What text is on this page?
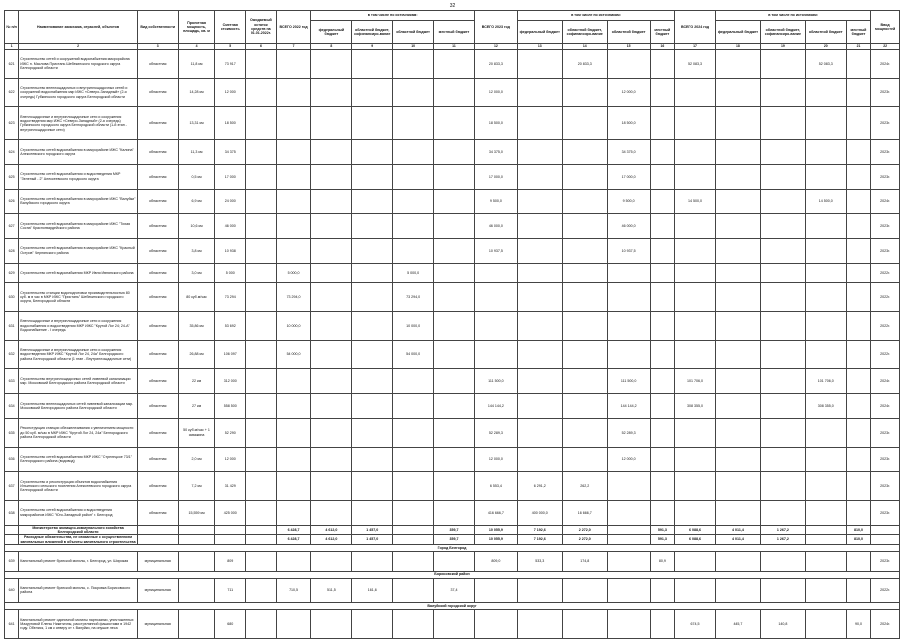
32
№ п/п	Наименование заказчика, отраслей, объектов	Вид собственности	Проектная мощность, площадь, кв. м	Сметная стоимость	Ожидаемый остаток средств на 01.01.2022г.	ВСЕГО 2022 год	в том числе по источникам:				ВСЕГО 2023 год	в том числе по источникам:				ВСЕГО 2024 год	в том числе по источникам:				Ввод мощностей
							федеральный бюджет	областной бюджет, софинансиро-вание	областной бюджет	местный бюджет		федеральный бюджет	областной бюджет, софинансиро-вание	областной бюджет	местный бюджет		федеральный бюджет	областной бюджет, софинансиро-вание	областной бюджет	местный бюджет	
1	2	3	4	5	6	7	8	9	10	11	12	13	14	15	16	17	18	19	20	21	22
621	Строительство сетей и сооружений водоснабжения микрорайона ИЖС п. Маслова Пристань Шебекинского городского округа Белгородской области	областная	11,8 км	73 917							20 833,3		20 833,3			52 083,3			52 083,3		2024г.
622	Строительство внеплощадочных и внутриплощадочных сетей и сооружений водоснабжения мкр ИЖС «Северо-Западный» (2-я очередь) Губкинского городского округа Белгородской области	областная	14,28 км	12 000							12 000,0			12 000,0							2023г.
623	Внеплощадочные и внутриплощадочные сети и сооружения водоотведения мкр ИЖС «Северо-Западный» (2-я очередь) Губкинского городского округа Белгородской области (1-й этап - внутриплощадочные сети)	областная	13,31 км	18 500							18 500,0			18 500,0							2023г.
624	Строительство сетей водоснабжения в микрорайоне ИЖС "Калина" Алексеевского городского округа	областная	11,3 км	34 375							34 375,0			34 375,0							2023г.
625	Строительство сетей водоснабжения и водоотведения МКР "Зеленый - 2" Алексеевского городского округа	областная	0,5 км	17 000							17 000,0			17 000,0							2023г.
626	Строительство сетей водоснабжения в микрорайоне ИЖС "Валуйки" Валуйского городского округа	областная	6,9 км	24 000							9 500,0			9 500,0		14 500,0			14 500,0		2024г.
627	Строительство сетей водоснабжения в микрорайоне ИЖС "Тихая Сосна" Красногвардейского района	областная	10,6 км	46 000							46 000,0			46 000,0							2023г.
628	Строительство сетей водоснабжения в микрорайоне ИЖС "Красный Остров" Чернянского района	областная	3,8 км	10 938							10 937,5			10 937,5							2023г.
629	Строительство сетей водоснабжения МКР Ивня Ивнянского района	областная	3,0 км	5 000		5 000,0			5 000,0												2022г.
630	Строительство станции водоподготовки производительностью 80 куб. м в час в МКР ИЖС "Пристань" Шебекинского городского округа, Белгородской области	областная	80 куб.м/час	73 294		73 294,0			73 294,0												2022г.
631	Внеплощадочные и внутриплощадочные сети и сооружения водоснабжения и водоотведения МКР ИЖС "Крутой Лог 24; 24-А" Водоснабжение - I очередь	областная	35,86 км	53 692		10 000,0			10 000,0												2022г.
632	Внеплощадочные и внутриплощадочные сети и сооружения водоотведения МКР ИЖС "Крутой Лог 24, 24а" Белгородского района Белгородской области (1 этап - Внутриплощадочные сети)	областная	26,88 км	106 097		54 000,0			54 000,0												2022г.
633	Строительство внутриплощадочных сетей ливневой канализации мкр. Московский Белгородского района Белгородской области	областная	22 км	312 000							111 500,0			111 500,0		101 706,0			101 706,0		2024г.
634	Строительство внеплощадочных сетей ливневой канализации мкр. Московский Белгородского района Белгородской области	областная	27 км	558 500							144 144,2			144 144,2		308 355,0			308 355,0		2024г.
635	Реконструкция станции обезжелезивания с увеличением мощности до 50 куб. м/час в МКР ИЖС "Крутой Лог 24, 24а" Белгородского района Белгородской области	областная	50 куб.м/час + 1 скважина	52 290							52 289,3			52 289,3							2023г.
636	Строительство сетей водоснабжения МКР ИЖС "Стрелецкое 73/1" Белгородского района (водовод)	областная	2,0 км	12 000							12 000,0			12 000,0							2023г.
637	Строительство и реконструкция объектов водоснабжения Ильинского сельского поселения Алексеевского городского округа Белгородской области	областная	7,2 км	31 429							6 553,4	6 291,2	262,2								2023г.
638	Строительство сетей водоснабжения и водоотведения микрорайонов ИЖС "Юго-Западный район" г. Белгород	областная	15,559 км	425 000							416 666,7	400 000,0	16 666,7								2023г.
	Министерство жилищно-коммунального хозяйства Белгородской области					6 428,7	4 612,0	1 457,0		359,7	10 055,9	7 192,6	2 272,0		591,3	6 088,6	4 011,4	1 267,2		810,0	
	Расходные обязательства, не связанные с осуществлением капитальных вложений в объекты капитального строительства					6 428,7	4 612,0	1 457,0		359,7	10 055,9	7 192,6	2 272,0		591,3	6 088,6	4 011,4	1 267,2		810,0	
Город Белгород																					
639	Капитальный ремонт братской могилы, г. Белгород, ул. Широкая	муниципальная		809							809,0	533,3	174,8		80,9						2023г.
Борисовский район																					
640	Капитальный ремонт братской могилы, с. Покровка Борисовского района	муниципальная		711		710,5	511,5	161,6		37,4											2022г.
Валуйский городской округ																					
641	Капитальный ремонт одиночной могилы партизанки, уничтоженных Мазуртовой Елены Никитичны, расстрелянной фашистами в 1942 году. Обелиск, 1 км к северу от г. Валуйки, на опушке леса	муниципальная		680												674,5	445,7	140,8		90,0	2024г.
